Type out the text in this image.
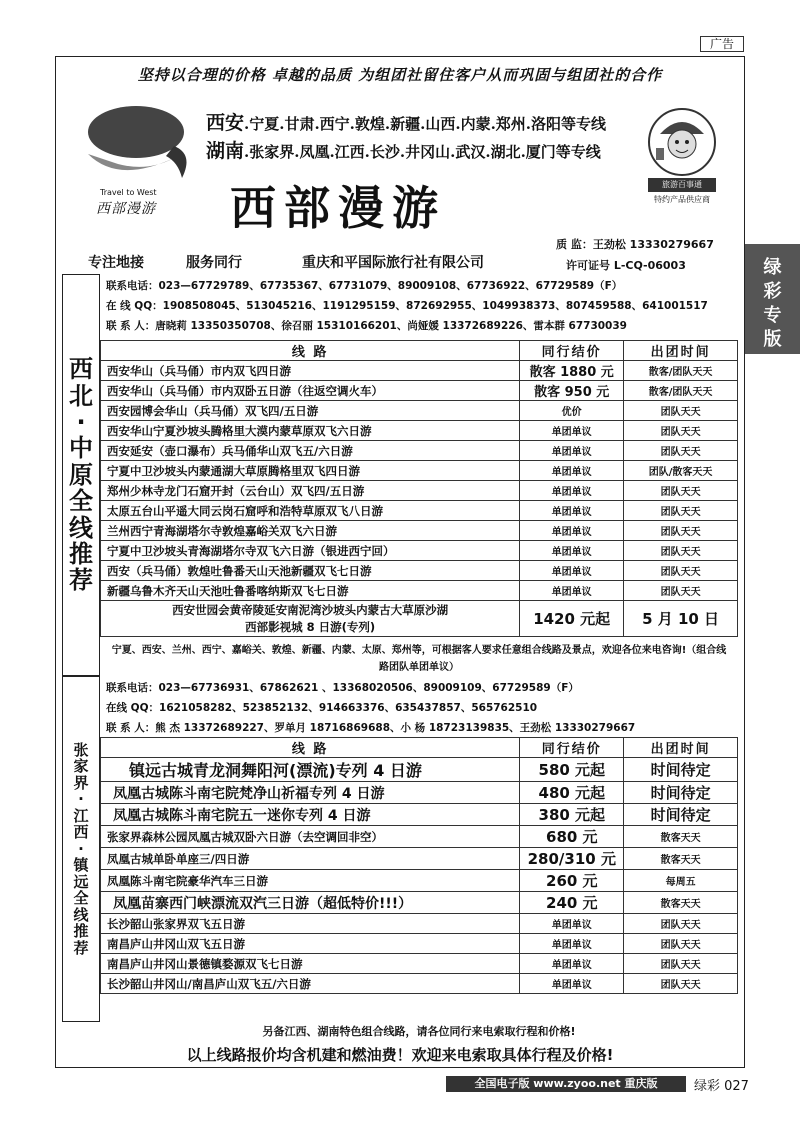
广告
坚持以合理的价格 卓越的品质 为组团社留住客户从而巩固与组团社的合作
Travel to West
西部漫游
西安.宁夏.甘肃.西宁.敦煌.新疆.山西.内蒙.郑州.洛阳等专线
湖南.张家界.凤凰.江西.长沙.井冈山.武汉.湖北.厦门等专线
旅游百事通
特约产品供应商
西部漫游
质 监：王劲松 13330279667
许可证号 L-CQ-06003
专注地接	服务同行	重庆和平国际旅行社有限公司	绿
彩
专
版
西
北
·
中
原
全
线
推
荐
联系电话：023—67729789、67735367、67731079、89009108、67736922、67729589（F）
在 线 QQ：1908508045、513045216、1191295159、872692955、1049938373、807459588、641001517
联 系 人：唐晓莉 13350350708、徐召丽 15310166201、尚娅媛 13372689226、雷本群 67730039
线 路	同行结价	出团时间
西安华山（兵马俑）市内双飞四日游	散客 1880 元	散客/团队天天
西安华山（兵马俑）市内双卧五日游（往返空调火车）	散客 950 元	散客/团队天天
西安园博会华山（兵马俑）双飞四/五日游	优价	团队天天
西安华山宁夏沙坡头腾格里大漠内蒙草原双飞六日游	单团单议	团队天天
西安延安（壶口瀑布）兵马俑华山双飞五/六日游	单团单议	团队天天
宁夏中卫沙坡头内蒙通湖大草原腾格里双飞四日游	单团单议	团队/散客天天
郑州少林寺龙门石窟开封（云台山）双飞四/五日游	单团单议	团队天天
太原五台山平遥大同云岗石窟呼和浩特草原双飞八日游	单团单议	团队天天
兰州西宁青海湖塔尔寺敦煌嘉峪关双飞六日游	单团单议	团队天天
宁夏中卫沙坡头青海湖塔尔寺双飞六日游（银进西宁回）	单团单议	团队天天
西安（兵马俑）敦煌吐鲁番天山天池新疆双飞七日游	单团单议	团队天天
新疆乌鲁木齐天山天池吐鲁番喀纳斯双飞七日游	单团单议	团队天天

西安世园会黄帝陵延安南泥湾沙坡头内蒙古大草原沙湖
西部影视城 8 日游(专列)	1420 元起	5 月 10 日
宁夏、西安、兰州、西宁、嘉峪关、敦煌、新疆、内蒙、太原、郑州等，可根据客人要求任意组合线路及景点，欢迎各位来电咨询!（组合线路团队单团单议）
张
家
界
·
江
西
·
镇
远
全
线
推
荐
联系电话：023—67736931、67862621 、13368020506、89009109、67729589（F）
在线 QQ：1621058282、523852132、914663376、635437857、565762510
联 系 人：熊 杰 13372689227、罗单月 18716869688、小 杨 18723139835、王劲松 13330279667
线 路	同行结价	出团时间
镇远古城青龙洞舞阳河(漂流)专列 4 日游	580 元起	时间待定
凤凰古城陈斗南宅院梵净山祈福专列 4 日游	480 元起	时间待定
凤凰古城陈斗南宅院五一迷你专列 4 日游	380 元起	时间待定
张家界森林公园凤凰古城双卧六日游（去空调回非空）	680 元	散客天天
凤凰古城单卧单座三/四日游	280/310 元	散客天天
凤凰陈斗南宅院豪华汽车三日游	260 元	每周五
凤凰苗寨西门峡漂流双汽三日游（超低特价!!!）	240 元	散客天天
长沙韶山张家界双飞五日游	单团单议	团队天天
南昌庐山井冈山双飞五日游	单团单议	团队天天
南昌庐山井冈山景德镇婺源双飞七日游	单团单议	团队天天
长沙韶山井冈山/南昌庐山双飞五/六日游	单团单议	团队天天
另备江西、湖南特色组合线路，请各位同行来电索取行程和价格!
以上线路报价均含机建和燃油费！欢迎来电索取具体行程及价格!
全国电子版 www.zyoo.net 重庆版	绿彩 027
